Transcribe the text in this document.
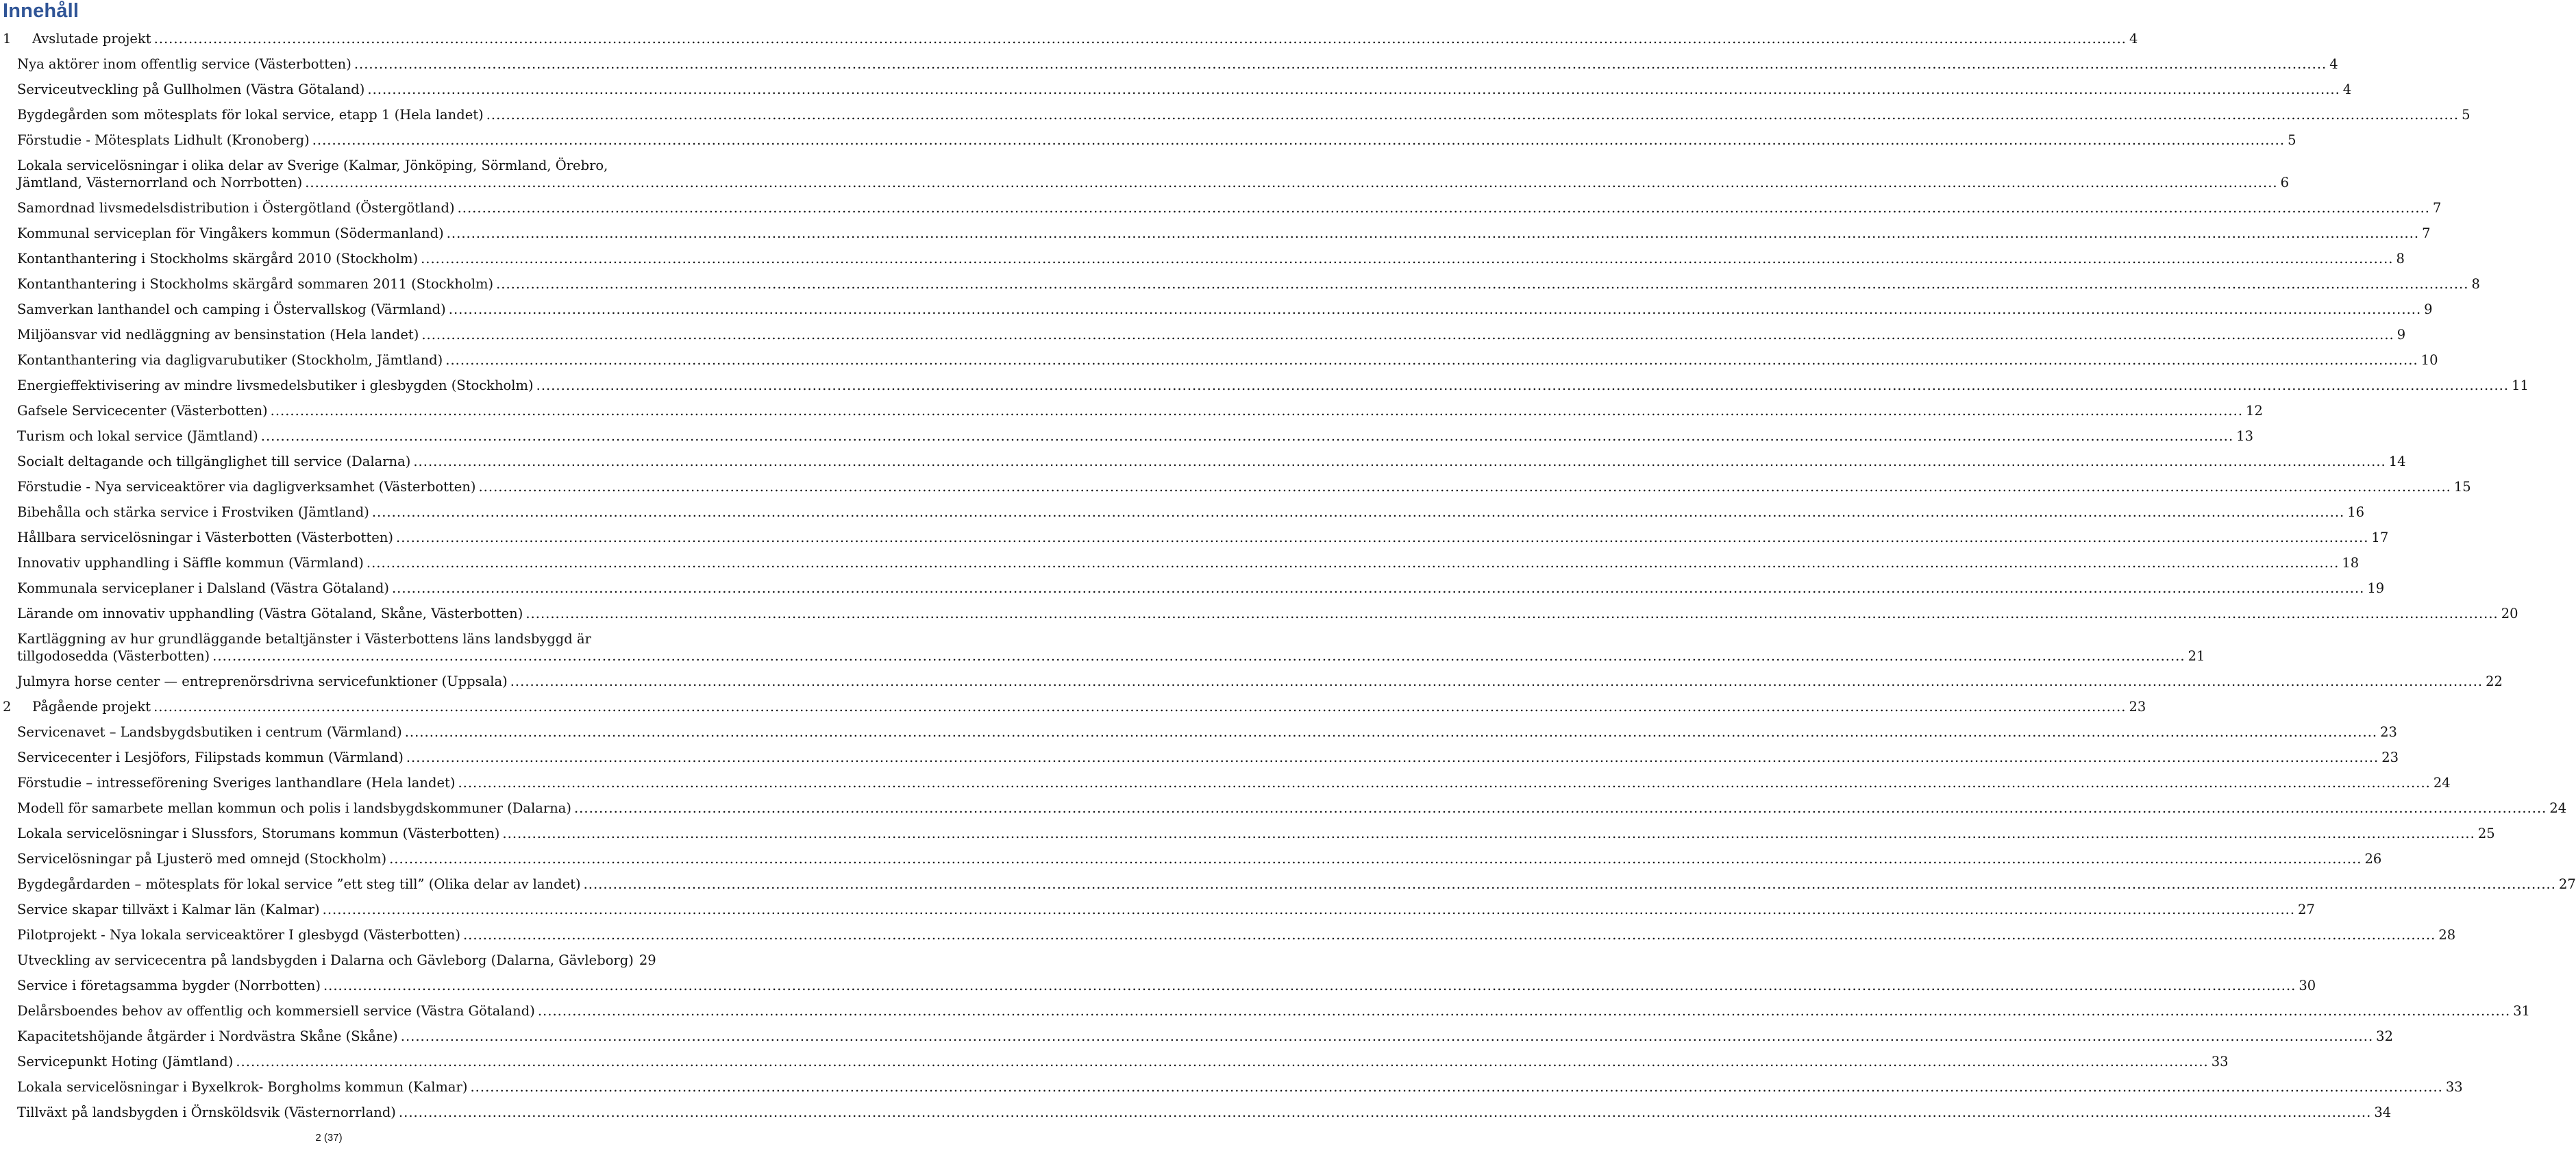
Innehåll
1	Avslutade projekt ................................................................................................................................................................................................................................................................................................................................................................................................................ 4
Nya aktörer inom offentlig service (Västerbotten) ................................................................................................................................................................................................................................................................................................................................................................................................................ 4
Serviceutveckling på Gullholmen (Västra Götaland) ................................................................................................................................................................................................................................................................................................................................................................................................................ 4
Bygdegården som mötesplats för lokal service, etapp 1 (Hela landet) ................................................................................................................................................................................................................................................................................................................................................................................................................ 5
Förstudie - Mötesplats Lidhult (Kronoberg) ................................................................................................................................................................................................................................................................................................................................................................................................................ 5
Lokala servicelösningar i olika delar av Sverige (Kalmar, Jönköping, Sörmland, Örebro,
Jämtland, Västernorrland och Norrbotten) ................................................................................................................................................................................................................................................................................................................................................................................................................ 6
Samordnad livsmedelsdistribution i Östergötland (Östergötland) ................................................................................................................................................................................................................................................................................................................................................................................................................ 7
Kommunal serviceplan för Vingåkers kommun (Södermanland) ................................................................................................................................................................................................................................................................................................................................................................................................................ 7
Kontanthantering i Stockholms skärgård 2010 (Stockholm) ................................................................................................................................................................................................................................................................................................................................................................................................................ 8
Kontanthantering i Stockholms skärgård sommaren 2011 (Stockholm) ................................................................................................................................................................................................................................................................................................................................................................................................................ 8
Samverkan lanthandel och camping i Östervallskog (Värmland) ................................................................................................................................................................................................................................................................................................................................................................................................................ 9
Miljöansvar vid nedläggning av bensinstation (Hela landet) ................................................................................................................................................................................................................................................................................................................................................................................................................ 9
Kontanthantering via dagligvarubutiker (Stockholm, Jämtland) ................................................................................................................................................................................................................................................................................................................................................................................................................ 10
Energieffektivisering av mindre livsmedelsbutiker i glesbygden (Stockholm) ................................................................................................................................................................................................................................................................................................................................................................................................................ 11
Gafsele Servicecenter (Västerbotten) ................................................................................................................................................................................................................................................................................................................................................................................................................ 12
Turism och lokal service (Jämtland) ................................................................................................................................................................................................................................................................................................................................................................................................................ 13
Socialt deltagande och tillgänglighet till service (Dalarna) ................................................................................................................................................................................................................................................................................................................................................................................................................ 14
Förstudie - Nya serviceaktörer via dagligverksamhet (Västerbotten) ................................................................................................................................................................................................................................................................................................................................................................................................................ 15
Bibehålla och stärka service i Frostviken (Jämtland) ................................................................................................................................................................................................................................................................................................................................................................................................................ 16
Hållbara servicelösningar i Västerbotten (Västerbotten) ................................................................................................................................................................................................................................................................................................................................................................................................................ 17
Innovativ upphandling i Säffle kommun (Värmland) ................................................................................................................................................................................................................................................................................................................................................................................................................ 18
Kommunala serviceplaner i Dalsland (Västra Götaland) ................................................................................................................................................................................................................................................................................................................................................................................................................ 19
Lärande om innovativ upphandling (Västra Götaland, Skåne, Västerbotten) ................................................................................................................................................................................................................................................................................................................................................................................................................ 20
Kartläggning av hur grundläggande betaltjänster i Västerbottens läns landsbyggd är
tillgodosedda (Västerbotten) ................................................................................................................................................................................................................................................................................................................................................................................................................ 21
Julmyra horse center — entreprenörsdrivna servicefunktioner (Uppsala) ................................................................................................................................................................................................................................................................................................................................................................................................................ 22
2	Pågående projekt ................................................................................................................................................................................................................................................................................................................................................................................................................ 23
Servicenavet – Landsbygdsbutiken i centrum (Värmland) ................................................................................................................................................................................................................................................................................................................................................................................................................ 23
Servicecenter i Lesjöfors, Filipstads kommun (Värmland) ................................................................................................................................................................................................................................................................................................................................................................................................................ 23
Förstudie – intresseförening Sveriges lanthandlare (Hela landet) ................................................................................................................................................................................................................................................................................................................................................................................................................ 24
Modell för samarbete mellan kommun och polis i landsbygdskommuner (Dalarna) ................................................................................................................................................................................................................................................................................................................................................................................................................ 24
Lokala servicelösningar i Slussfors, Storumans kommun (Västerbotten) ................................................................................................................................................................................................................................................................................................................................................................................................................ 25
Servicelösningar på Ljusterö med omnejd (Stockholm) ................................................................................................................................................................................................................................................................................................................................................................................................................ 26
Bygdegårdarden – mötesplats för lokal service ”ett steg till” (Olika delar av landet) ................................................................................................................................................................................................................................................................................................................................................................................................................ 27
Service skapar tillväxt i Kalmar län (Kalmar) ................................................................................................................................................................................................................................................................................................................................................................................................................ 27
Pilotprojekt - Nya lokala serviceaktörer I glesbygd (Västerbotten) ................................................................................................................................................................................................................................................................................................................................................................................................................ 28
Utveckling av servicecentra på landsbygden i Dalarna och Gävleborg (Dalarna, Gävleborg) 29
Service i företagsamma bygder (Norrbotten) ................................................................................................................................................................................................................................................................................................................................................................................................................ 30
Delårsboendes behov av offentlig och kommersiell service (Västra Götaland) ................................................................................................................................................................................................................................................................................................................................................................................................................ 31
Kapacitetshöjande åtgärder i Nordvästra Skåne (Skåne) ................................................................................................................................................................................................................................................................................................................................................................................................................ 32
Servicepunkt Hoting (Jämtland) ................................................................................................................................................................................................................................................................................................................................................................................................................ 33
Lokala servicelösningar i Byxelkrok- Borgholms kommun (Kalmar) ................................................................................................................................................................................................................................................................................................................................................................................................................ 33
Tillväxt på landsbygden i Örnsköldsvik (Västernorrland) ................................................................................................................................................................................................................................................................................................................................................................................................................ 34
2 (37)
